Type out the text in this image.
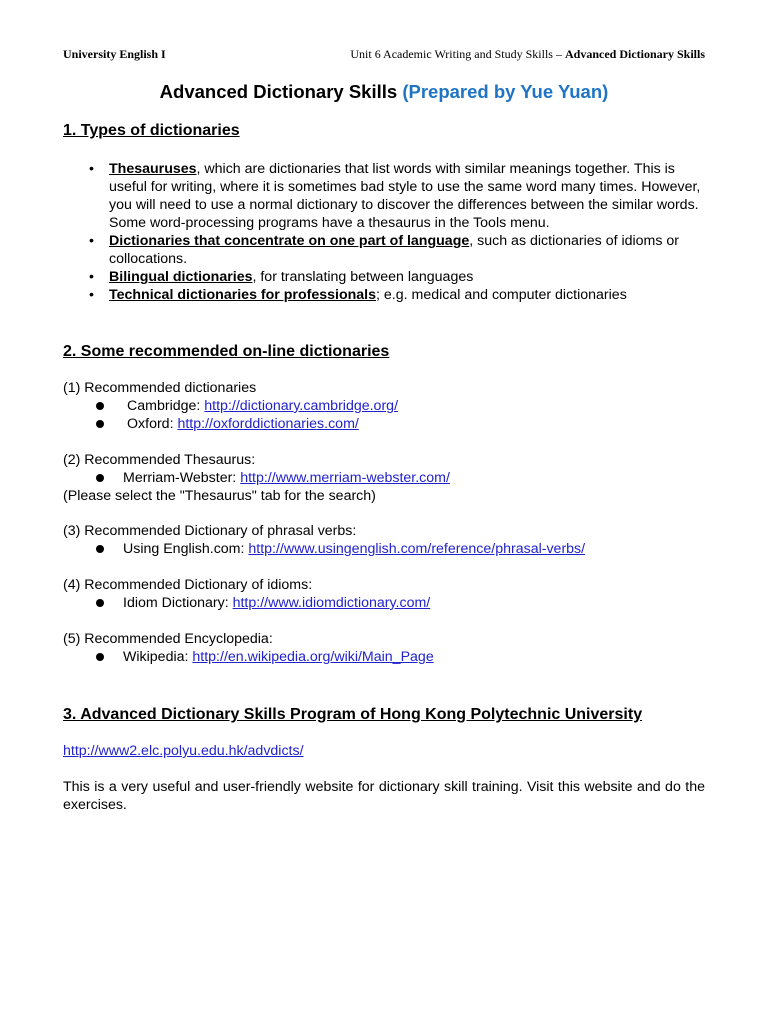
University English I	Unit 6 Academic Writing and Study Skills – Advanced Dictionary Skills
Advanced Dictionary Skills (Prepared by Yue Yuan)
1. Types of dictionaries
• Thesauruses, which are dictionaries that list words with similar meanings together. This is useful for writing, where it is sometimes bad style to use the same word many times. However, you will need to use a normal dictionary to discover the differences between the similar words. Some word-processing programs have a thesaurus in the Tools menu.
• Dictionaries that concentrate on one part of language, such as dictionaries of idioms or collocations.
• Bilingual dictionaries, for translating between languages
• Technical dictionaries for professionals; e.g. medical and computer dictionaries
2. Some recommended on-line dictionaries
(1) Recommended dictionaries
Cambridge: http://dictionary.cambridge.org/
Oxford: http://oxforddictionaries.com/
(2) Recommended Thesaurus:
Merriam-Webster: http://www.merriam-webster.com/
(Please select the "Thesaurus" tab for the search)
(3) Recommended Dictionary of phrasal verbs:
Using English.com: http://www.usingenglish.com/reference/phrasal-verbs/
(4) Recommended Dictionary of idioms:
Idiom Dictionary: http://www.idiomdictionary.com/
(5) Recommended Encyclopedia:
Wikipedia: http://en.wikipedia.org/wiki/Main_Page
3. Advanced Dictionary Skills Program of Hong Kong Polytechnic University
http://www2.elc.polyu.edu.hk/advdicts/
This is a very useful and user-friendly website for dictionary skill training. Visit this website and do the exercises.
